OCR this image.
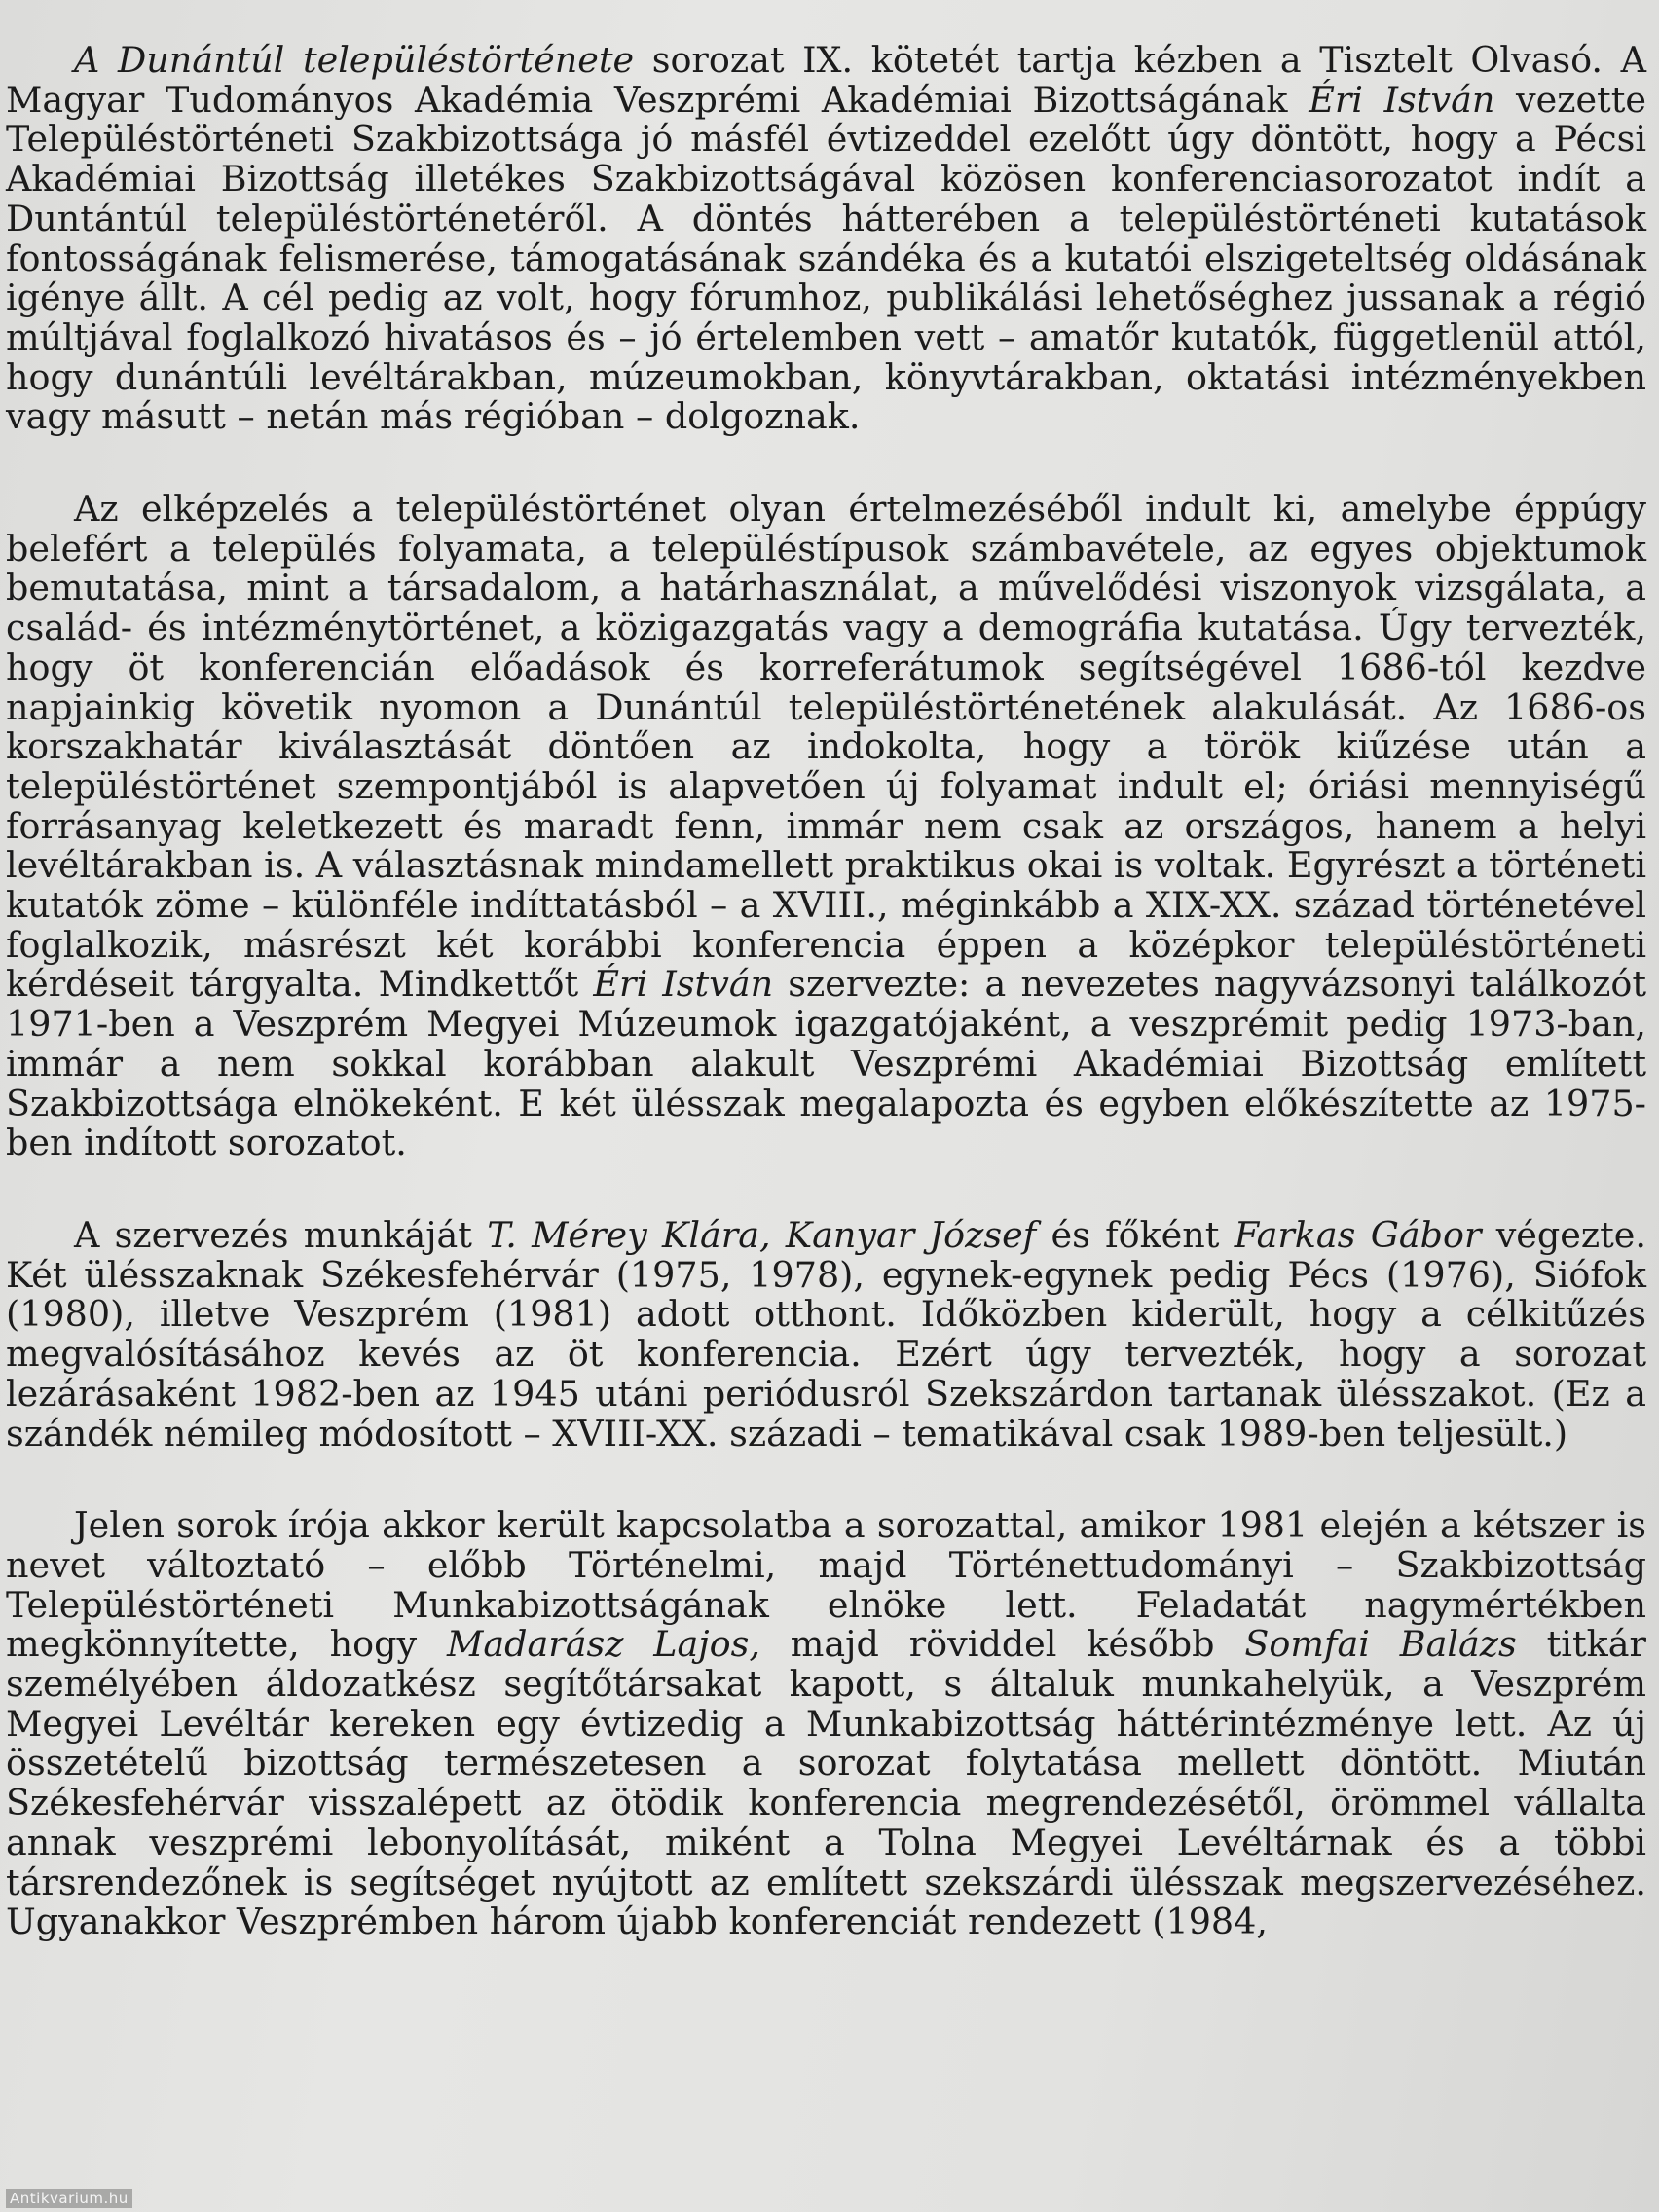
A Dunántúl településtörténete sorozat IX. kötetét tartja kézben a Tisztelt Olvasó. A Magyar Tudományos Akadémia Veszprémi Akadémiai Bizottságának Éri István vezette Településtörténeti Szakbizottsága jó másfél évtizeddel ezelőtt úgy döntött, hogy a Pécsi Akadémiai Bizottság illetékes Szakbizottságával közösen konferenciasorozatot indít a Duntántúl településtörténetéről. A döntés hátterében a településtörténeti kutatások fontosságának felismerése, támogatásának szándéka és a kutatói elszigeteltség oldásának igénye állt. A cél pedig az volt, hogy fórumhoz, publikálási lehetőséghez jussanak a régió múltjával foglalkozó hivatásos és – jó értelemben vett – amatőr kutatók, függetlenül attól, hogy dunántúli levéltárakban, múzeumokban, könyvtárakban, oktatási intézményekben vagy másutt – netán más régióban – dolgoznak.

Az elképzelés a településtörténet olyan értelmezéséből indult ki, amelybe éppúgy belefért a település folyamata, a településtípusok számbavétele, az egyes objektumok bemutatása, mint a társadalom, a határhasználat, a művelődési viszonyok vizsgálata, a család- és intézménytörténet, a közigazgatás vagy a demográfia kutatása. Úgy tervezték, hogy öt konferencián előadások és korreferátumok segítségével 1686-tól kezdve napjainkig követik nyomon a Dunántúl településtörténetének alakulását. Az 1686-os korszakhatár kiválasztását döntően az indokolta, hogy a török kiűzése után a településtörténet szempontjából is alapvetően új folyamat indult el; óriási mennyiségű forrásanyag keletkezett és maradt fenn, immár nem csak az országos, hanem a helyi levéltárakban is. A választásnak mindamellett praktikus okai is voltak. Egyrészt a történeti kutatók zöme – különféle indíttatásból – a XVIII., méginkább a XIX-XX. század történetével foglalkozik, másrészt két korábbi konferencia éppen a középkor településtörténeti kérdéseit tárgyalta. Mindkettőt Éri István szervezte: a nevezetes nagyvázsonyi találkozót 1971-ben a Veszprém Megyei Múzeumok igazgatójaként, a veszprémit pedig 1973-ban, immár a nem sokkal korábban alakult Veszprémi Akadémiai Bizottság említett Szakbizottsága elnökeként. E két ülésszak megalapozta és egyben előkészítette az 1975-ben indított sorozatot.

A szervezés munkáját T. Mérey Klára, Kanyar József és főként Farkas Gábor végezte. Két ülésszaknak Székesfehérvár (1975, 1978), egynek-egynek pedig Pécs (1976), Siófok (1980), illetve Veszprém (1981) adott otthont. Időközben kiderült, hogy a célkitűzés megvalósításához kevés az öt konferencia. Ezért úgy tervezték, hogy a sorozat lezárásaként 1982-ben az 1945 utáni periódusról Szekszárdon tartanak ülésszakot. (Ez a szándék némileg módosított – XVIII-XX. századi – tematikával csak 1989-ben teljesült.)

Jelen sorok írója akkor került kapcsolatba a sorozattal, amikor 1981 elején a kétszer is nevet változtató – előbb Történelmi, majd Történettudományi – Szakbizottság Településtörténeti Munkabizottságának elnöke lett. Feladatát nagymértékben megkönnyítette, hogy Madarász Lajos, majd röviddel később Somfai Balázs titkár személyében áldozatkész segítőtársakat kapott, s általuk munkahelyük, a Veszprém Megyei Levéltár kereken egy évtizedig a Munkabizottság háttérintézménye lett. Az új összetételű bizottság természetesen a sorozat folytatása mellett döntött. Miután Székesfehérvár visszalépett az ötödik konferencia megrendezésétől, örömmel vállalta annak veszprémi lebonyolítását, miként a Tolna Megyei Levéltárnak és a többi társrendezőnek is segítséget nyújtott az említett szekszárdi ülésszak megszervezéséhez. Ugyanakkor Veszprémben három újabb konferenciát rendezett (1984,

Antikvarium.hu
